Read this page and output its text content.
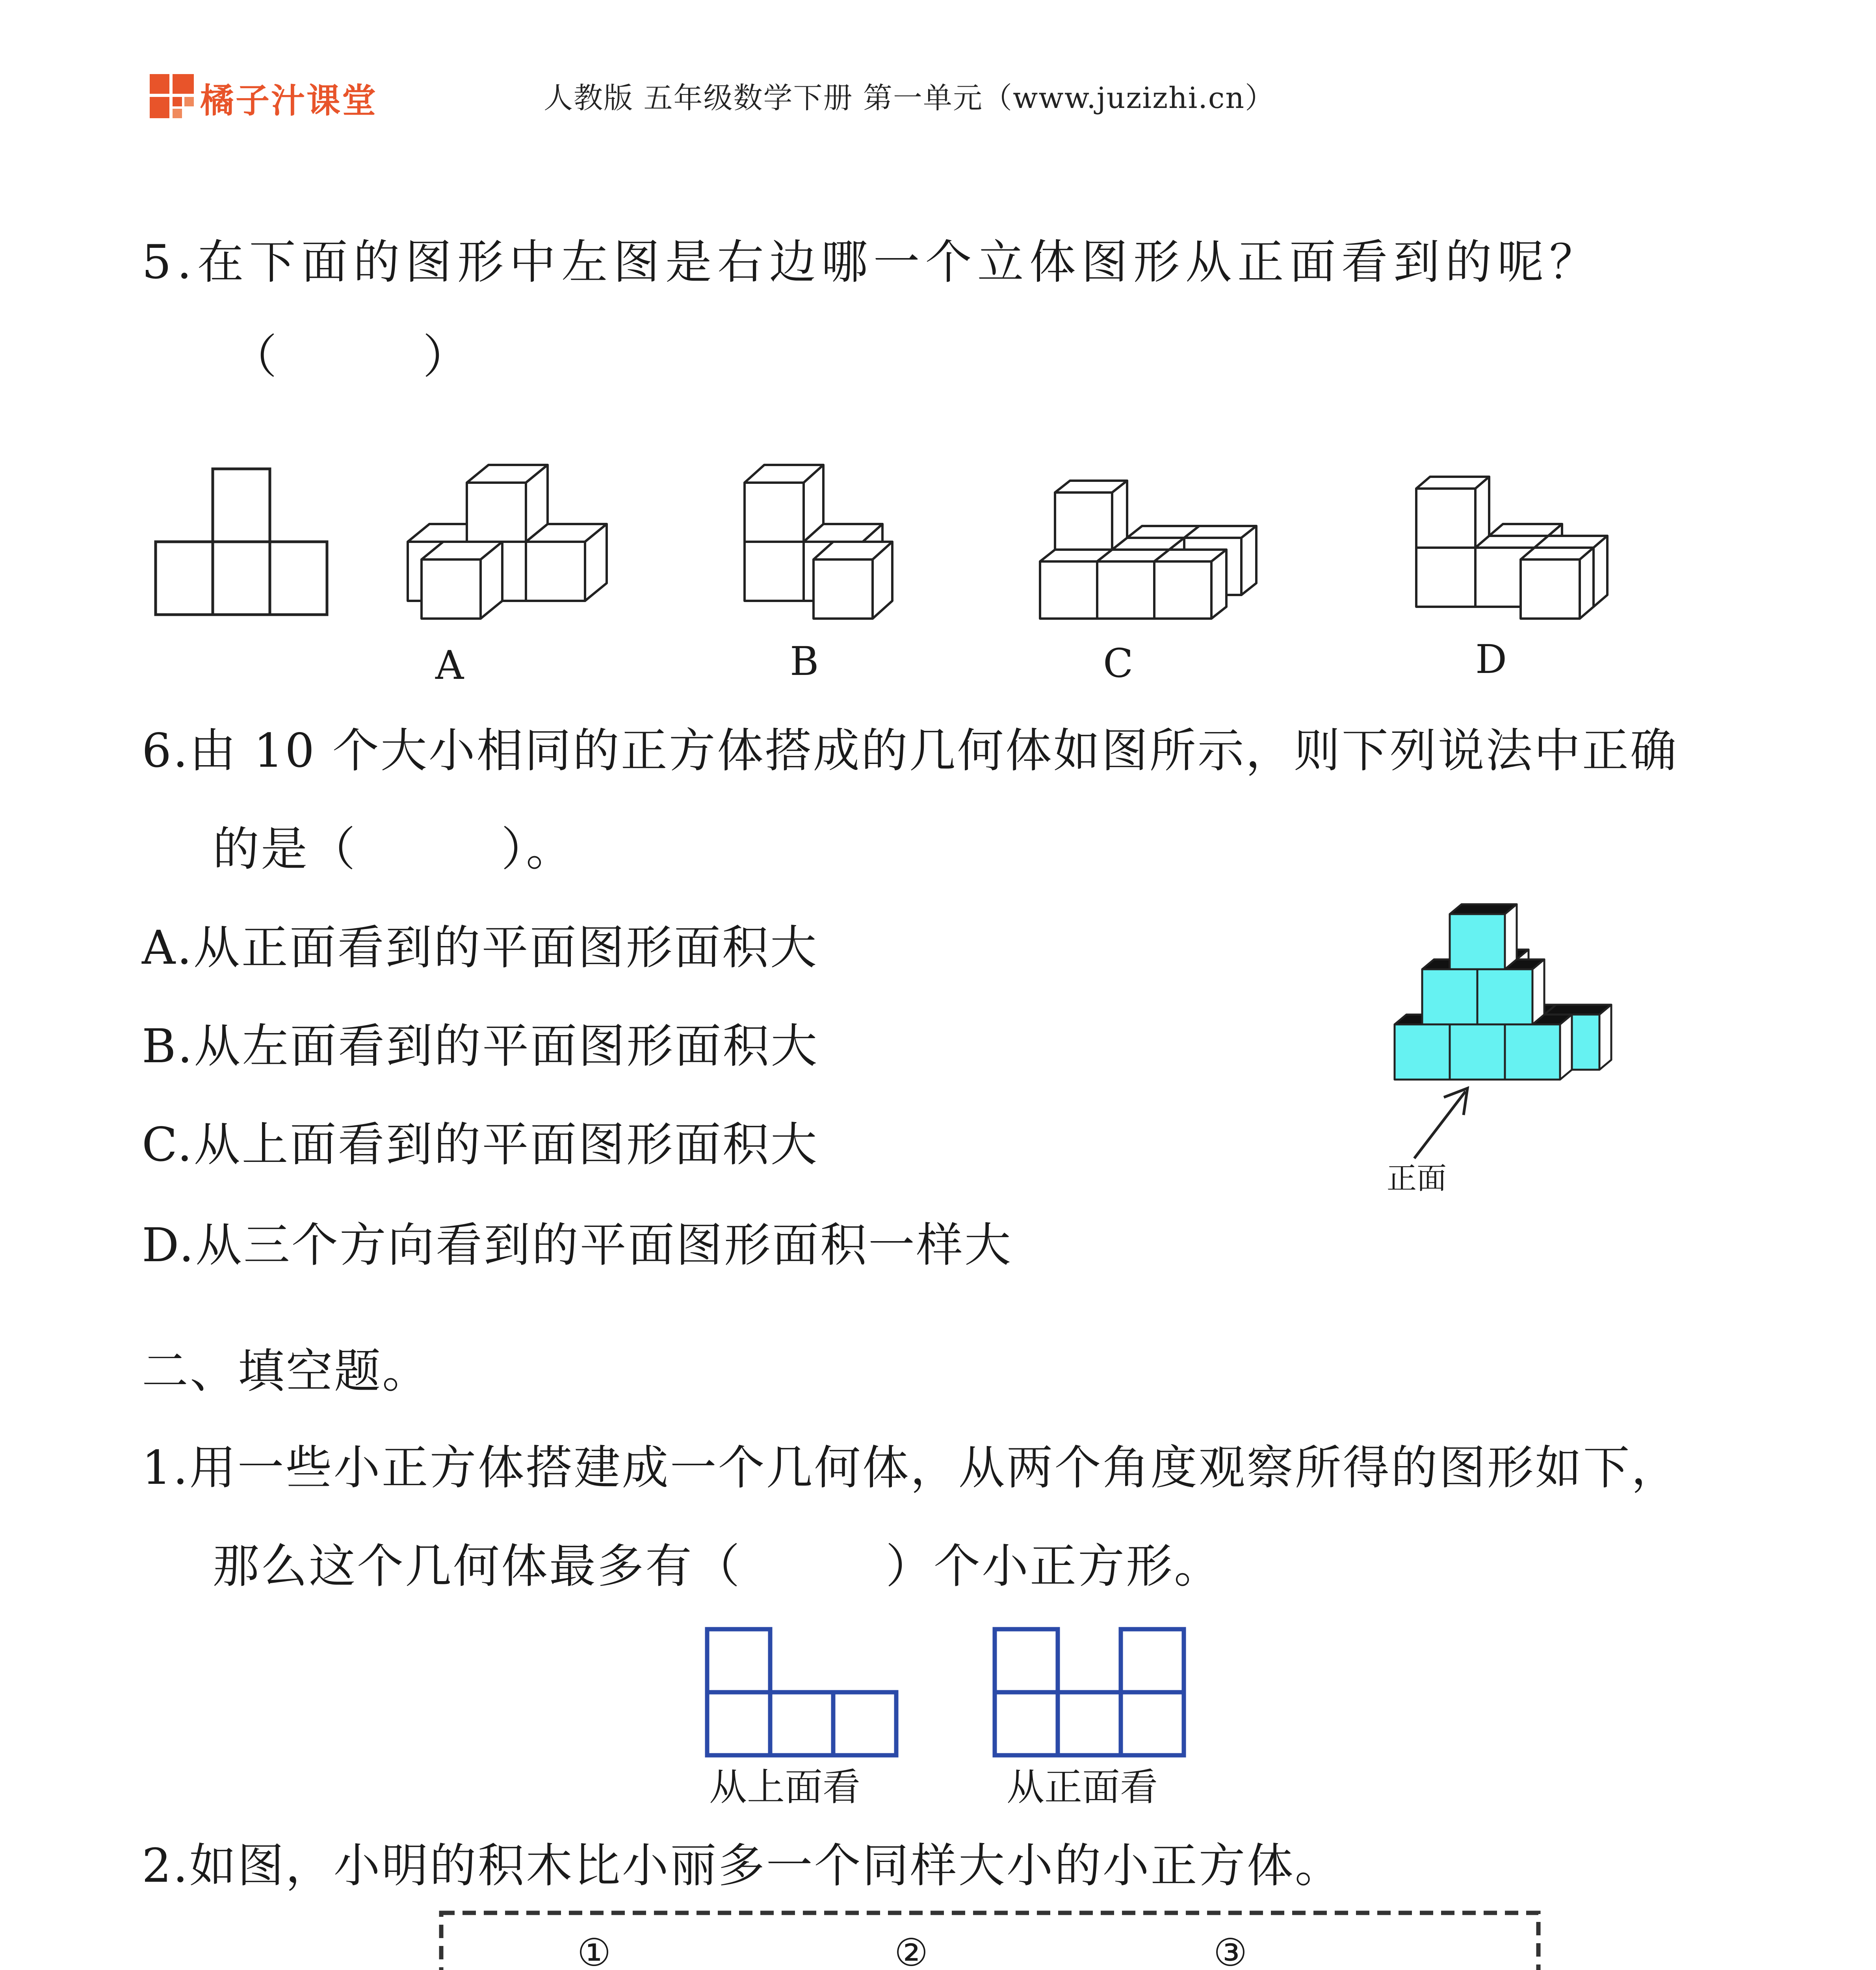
橘子汁课堂	人教版 五年级数学下册 第一单元（www.juzizhi.cn）
5.在下面的图形中左图是右边哪一个立体图形从正面看到的呢？
（　　　）
A	B	C	D
6.由 10 个大小相同的正方体搭成的几何体如图所示，则下列说法中正确
的是（　　　）。
A.从正面看到的平面图形面积大
B.从左面看到的平面图形面积大
C.从上面看到的平面图形面积大
D.从三个方向看到的平面图形面积一样大
正面
二、填空题。
1.用一些小正方体搭建成一个几何体，从两个角度观察所得的图形如下，
那么这个几何体最多有（　　　）个小正方形。
从上面看	从正面看
2.如图，小明的积木比小丽多一个同样大小的小正方体。
①	②	③
